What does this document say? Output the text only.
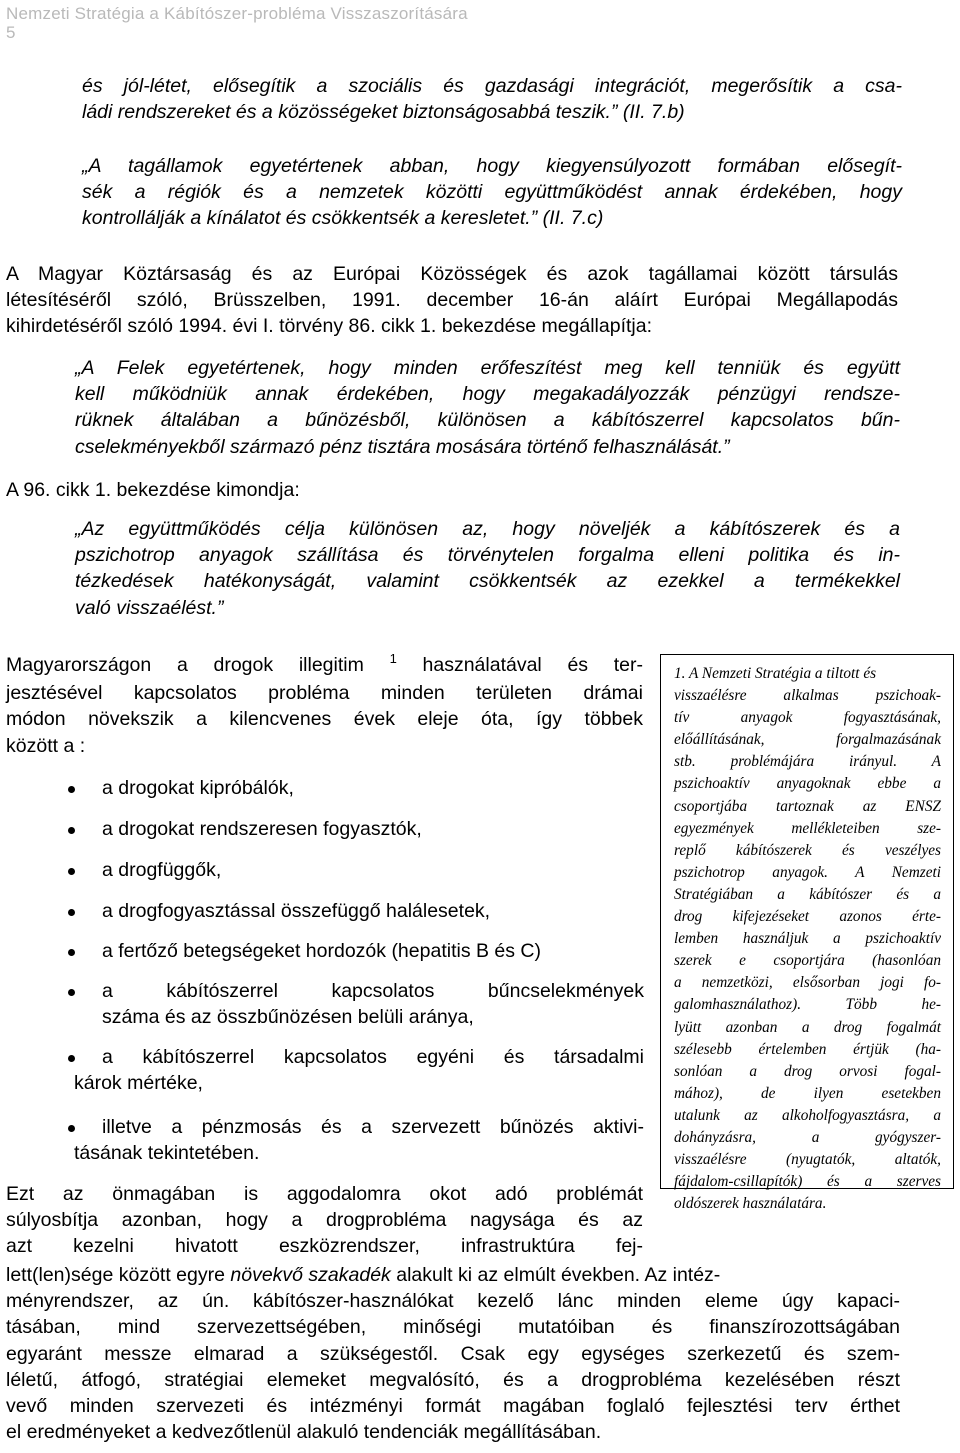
Nemzeti Stratégia a Kábítószer-probléma Visszaszorítására
5
és jól-létet, elősegítik a szociális és gazdasági integrációt, megerősítik a csa-
ládi rendszereket és a közösségeket biztonságosabbá teszik.” (II. 7.b)
„A tagállamok egyetértenek abban, hogy kiegyensúlyozott formában elősegít-
sék a régiók és a nemzetek közötti együttműködést annak érdekében, hogy
kontrollálják a kínálatot és csökkentsék a keresletet.” (II. 7.c)
A Magyar Köztársaság és az Európai Közösségek és azok tagállamai között társulás
létesítéséről szóló, Brüsszelben, 1991. december 16-án aláírt Európai Megállapodás
kihirdetéséről szóló 1994. évi I. törvény 86. cikk 1. bekezdése megállapítja:
„A Felek egyetértenek, hogy minden erőfeszítést meg kell tenniük és együtt
kell működniük annak érdekében, hogy megakadályozzák pénzügyi rendsze-
rüknek általában a bűnözésből, különösen a kábítószerrel kapcsolatos bűn-
cselekményekből származó pénz tisztára mosására történő felhasználását.”
A 96. cikk 1. bekezdése kimondja:
„Az együttműködés célja különösen az, hogy növeljék a kábítószerek és a
pszichotrop anyagok szállítása és törvénytelen forgalma elleni politika és in-
tézkedések hatékonyságát, valamint csökkentsék az ezekkel a termékekkel
való visszaélést.”
Magyarországon a drogok illegitim $^1$ használatával és ter-
jesztésével kapcsolatos probléma minden területen drámai
módon növekszik a kilencvenes évek eleje óta, így többek
között a :
a drogokat kipróbálók,
a drogokat rendszeresen fogyasztók,
a drogfüggők,
a drogfogyasztással összefüggő halálesetek,
a fertőző betegségeket hordozók (hepatitis B és C)
a kábítószerrel kapcsolatos bűncselekmények
száma és az összbűnözésen belüli aránya,
a kábítószerrel kapcsolatos egyéni és társadalmi
károk mértéke,
illetve a pénzmosás és a szervezett bűnözés aktivi-
tásának tekintetében.
1. A Nemzeti Stratégia a tiltott és
visszaélésre alkalmas pszichoak-
tív anyagok fogyasztásának,
előállításának, forgalmazásának
stb. problémájára irányul. A
pszichoaktív anyagoknak ebbe a
csoportjába tartoznak az ENSZ
egyezmények mellékleteiben sze-
replő kábítószerek és veszélyes
pszichotrop anyagok. A Nemzeti
Stratégiában a kábítószer és a
drog kifejezéseket azonos érte-
lemben használjuk a pszichoaktív
szerek e csoportjára (hasonlóan
a nemzetközi, elsősorban jogi fo-
galomhasználathoz). Több he-
lyütt azonban a drog fogalmát
szélesebb értelemben értjük (ha-
sonlóan a drog orvosi fogal-
mához), de ilyen esetekben
utalunk az alkoholfogyasztásra, a
dohányzásra, a gyógyszer-
visszaélésre (nyugtatók, altatók,
fájdalom-csillapítók) és a szerves
oldószerek használatára.
Ezt az önmagában is aggodalomra okot adó problémát
súlyosbítja azonban, hogy a drogprobléma nagysága és az
azt kezelni hivatott eszközrendszer, infrastruktúra fej-
lett(len)sége között egyre növekvő szakadék alakult ki az elmúlt években. Az intéz-
ményrendszer, az ún. kábítószer-használókat kezelő lánc minden eleme úgy kapaci-
tásában, mind szervezettségében, minőségi mutatóiban és finanszírozottságában
egyaránt messze elmarad a szükségestől. Csak egy egységes szerkezetű és szem-
léletű, átfogó, stratégiai elemeket megvalósító, és a drogprobléma kezelésében részt
vevő minden szervezeti és intézményi formát magában foglaló fejlesztési terv érthet
el eredményeket a kedvezőtlenül alakuló tendenciák megállításában.
